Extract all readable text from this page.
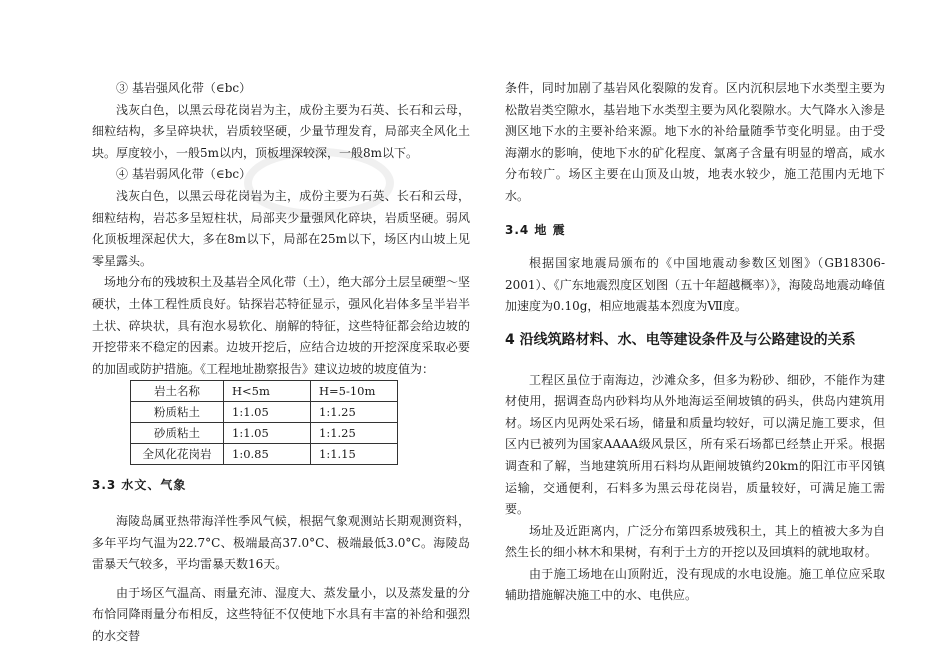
③ 基岩强风化带（∈bc）

浅灰白色，以黑云母花岗岩为主，成份主要为石英、长石和云母，细粒结构，多呈碎块状，岩质较坚硬，少量节理发育，局部夹全风化土块。厚度较小，一般5m以内，顶板埋深较深，一般8m以下。

④ 基岩弱风化带（∈bc）

浅灰白色，以黑云母花岗岩为主，成份主要为石英、长石和云母，细粒结构，岩芯多呈短柱状，局部夹少量强风化碎块，岩质坚硬。弱风化顶板埋深起伏大，多在8m以下，局部在25m以下，场区内山坡上见零星露头。

场地分布的残坡积土及基岩全风化带（土），绝大部分土层呈硬塑～坚硬状，土体工程性质良好。钻探岩芯特征显示，强风化岩体多呈半岩半土状、碎块状，具有泡水易软化、崩解的特征，这些特征都会给边坡的开挖带来不稳定的因素。边坡开挖后，应结合边坡的开挖深度采取必要的加固或防护措施。《工程地址勘察报告》建议边坡的坡度值为：

岩土名称	H<5m	H=5-10m
粉质粘土	1:1.05	1:1.25
砂质粘土	1:1.05	1:1.25
全风化花岗岩	1:0.85	1:1.15

3.3 水文、气象

海陵岛属亚热带海洋性季风气候，根据气象观测站长期观测资料，多年平均气温为22.7°C、极端最高37.0°C、极端最低3.0°C。海陵岛雷暴天气较多，平均雷暴天数16天。

由于场区气温高、雨量充沛、湿度大、蒸发量小，以及蒸发量的分布恰同降雨量分布相反，这些特征不仅使地下水具有丰富的补给和强烈的水交替

条件，同时加剧了基岩风化裂隙的发育。区内沉积层地下水类型主要为松散岩类空隙水，基岩地下水类型主要为风化裂隙水。大气降水入渗是测区地下水的主要补给来源。地下水的补给量随季节变化明显。由于受海潮水的影响，使地下水的矿化程度、氯离子含量有明显的增高，咸水分布较广。场区主要在山顶及山坡，地表水较少，施工范围内无地下水。

3.4 地 震

根据国家地震局颁布的《中国地震动参数区划图》（GB18306-2001）、《广东地震烈度区划图（五十年超越概率）》，海陵岛地震动峰值加速度为0.10g，相应地震基本烈度为Ⅶ度。

4 沿线筑路材料、水、电等建设条件及与公路建设的关系

工程区虽位于南海边，沙滩众多，但多为粉砂、细砂，不能作为建材使用，据调查岛内砂料均从外地海运至闸坡镇的码头，供岛内建筑用材。场区内见两处采石场，储量和质量均较好，可以满足施工要求，但区内已被列为国家AAAA级风景区，所有采石场都已经禁止开采。根据调查和了解，当地建筑所用石料均从距闸坡镇约20km的阳江市平冈镇运输，交通便利，石料多为黑云母花岗岩，质量较好，可满足施工需要。

场址及近距离内，广泛分布第四系坡残积土，其上的植被大多为自然生长的细小林木和果树，有利于土方的开挖以及回填料的就地取材。

由于施工场地在山顶附近，没有现成的水电设施。施工单位应采取辅助措施解决施工中的水、电供应。
